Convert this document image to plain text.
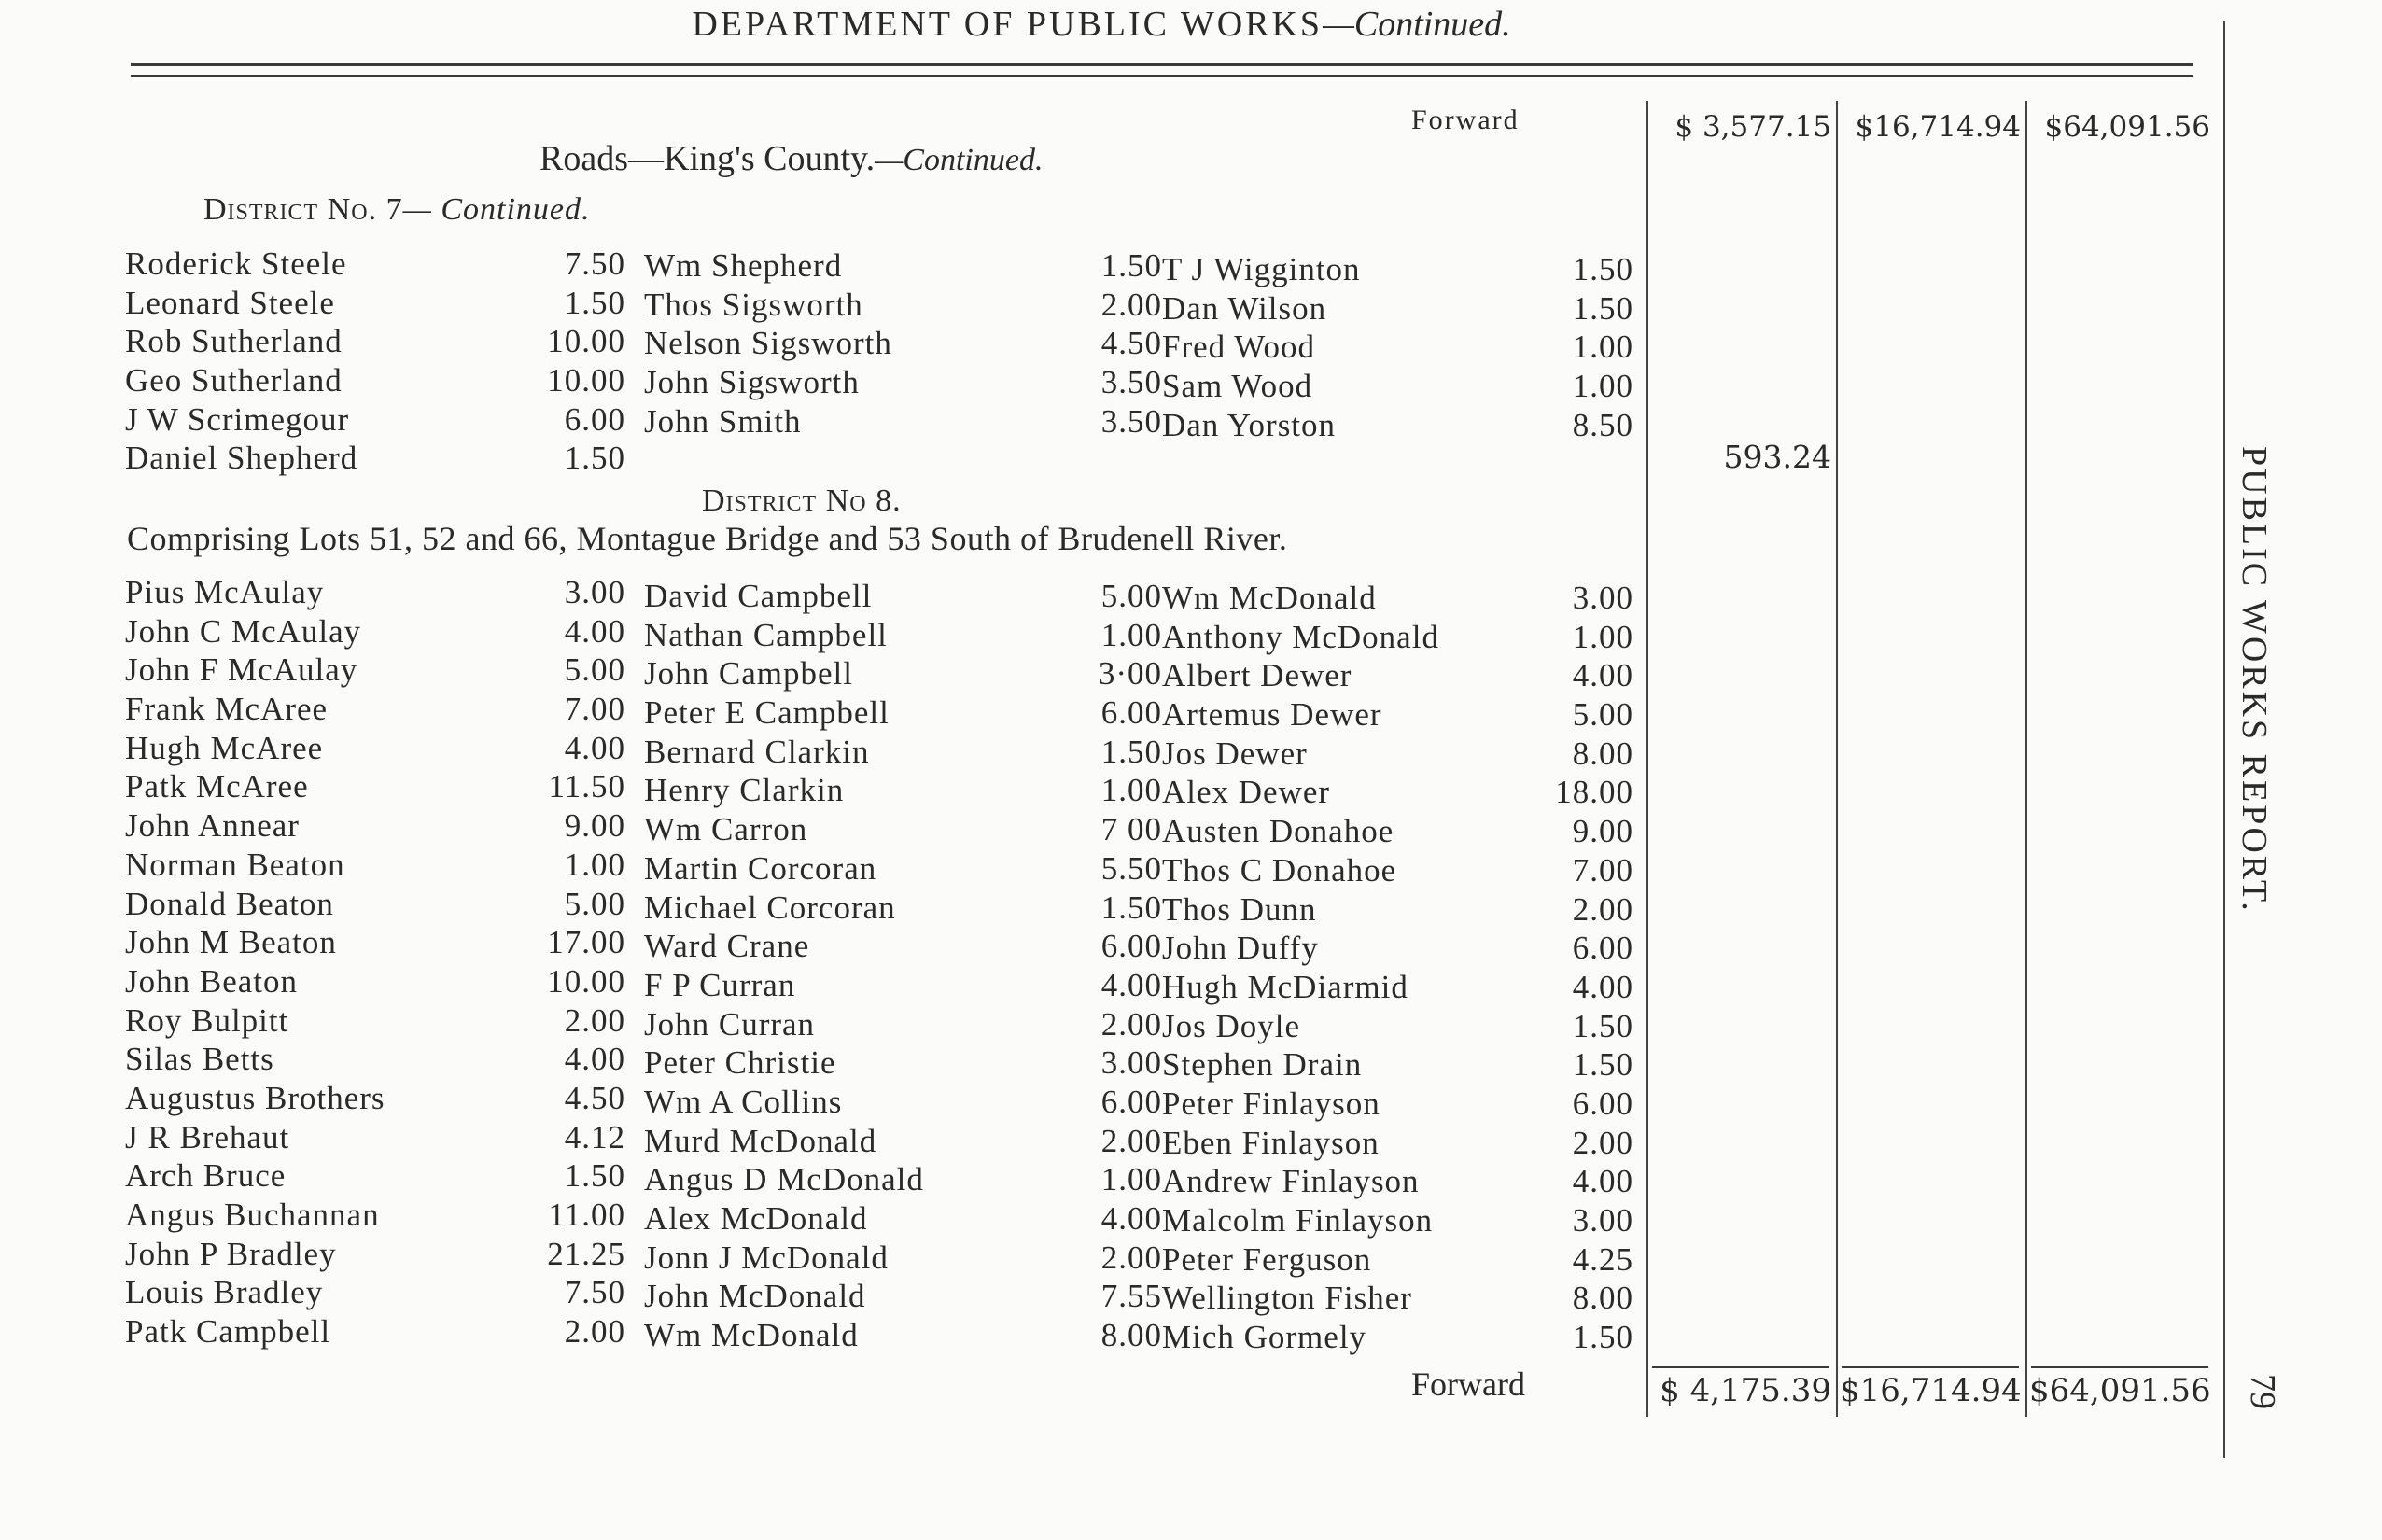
DEPARTMENT OF PUBLIC WORKS—Continued.
Forward	$ 3,577.15 $16,714.94 $64,091.56
Roads—King's County.—Continued.
District No. 7— Continued.
Roderick Steele	7.50
Leonard Steele	1.50
Rob Sutherland	10.00
Geo Sutherland	10.00
J W Scrimegour	6.00
Daniel Shepherd	1.50
Wm Shepherd	1.50
Thos Sigsworth	2.00
Nelson Sigsworth	4.50
John Sigsworth	3.50
John Smith	3.50
T J Wigginton	1.50
Dan Wilson	1.50
Fred Wood	1.00
Sam Wood	1.00
Dan Yorston	8.50
593.24
District No 8.
Comprising Lots 51, 52 and 66, Montague Bridge and 53 South of Brudenell River.
Pius McAulay	3.00
John C McAulay	4.00
John F McAulay	5.00
Frank McAree	7.00
Hugh McAree	4.00
Patk McAree	11.50
John Annear	9.00
Norman Beaton	1.00
Donald Beaton	5.00
John M Beaton	17.00
John Beaton	10.00
Roy Bulpitt	2.00
Silas Betts	4.00
Augustus Brothers	4.50
J R Brehaut	4.12
Arch Bruce	1.50
Angus Buchannan	11.00
John P Bradley	21.25
Louis Bradley	7.50
Patk Campbell	2.00
David Campbell	5.00
Nathan Campbell	1.00
John Campbell	3·00
Peter E Campbell	6.00
Bernard Clarkin	1.50
Henry Clarkin	1.00
Wm Carron	7 00
Martin Corcoran	5.50
Michael Corcoran	1.50
Ward Crane	6.00
F P Curran	4.00
John Curran	2.00
Peter Christie	3.00
Wm A Collins	6.00
Murd McDonald	2.00
Angus D McDonald	1.00
Alex McDonald	4.00
Jonn J McDonald	2.00
John McDonald	7.55
Wm McDonald	8.00
Wm McDonald	3.00
Anthony McDonald	1.00
Albert Dewer	4.00
Artemus Dewer	5.00
Jos Dewer	8.00
Alex Dewer	18.00
Austen Donahoe	9.00
Thos C Donahoe	7.00
Thos Dunn	2.00
John Duffy	6.00
Hugh McDiarmid	4.00
Jos Doyle	1.50
Stephen Drain	1.50
Peter Finlayson	6.00
Eben Finlayson	2.00
Andrew Finlayson	4.00
Malcolm Finlayson	3.00
Peter Ferguson	4.25
Wellington Fisher	8.00
Mich Gormely	1.50
Forward	$ 4,175.39 $16,714.94 $64,091.56
PUBLIC WORKS REPORT.
79
